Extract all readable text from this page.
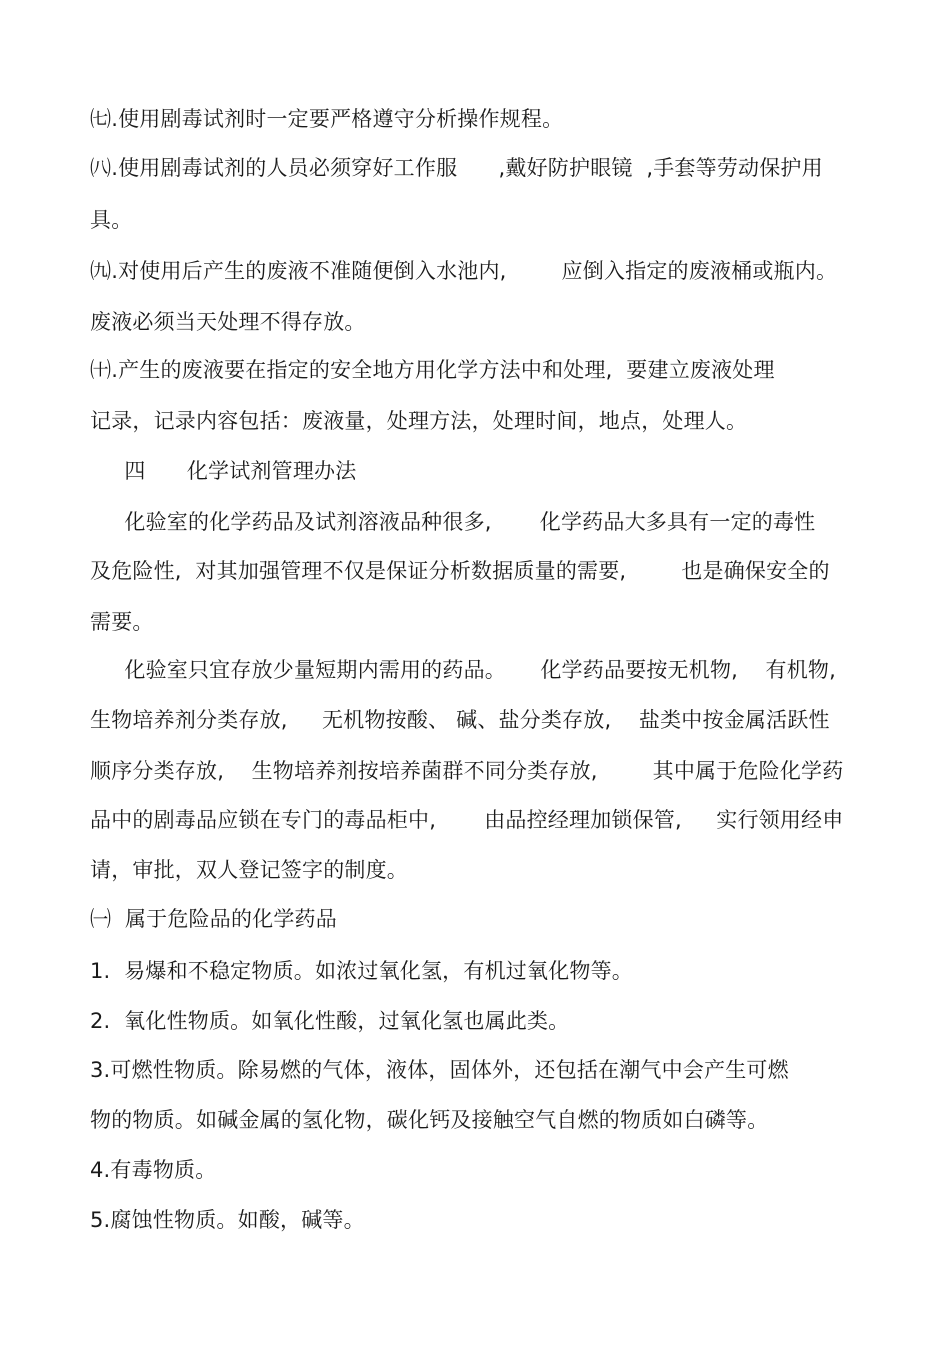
㈦.使用剧毒试剂时一定要严格遵守分析操作规程。
㈧.使用剧毒试剂的人员必须穿好工作服      ,戴好防护眼镜  ,手套等劳动保护用
具。
㈨.对使用后产生的废液不准随便倒入水池内,        应倒入指定的废液桶或瓶内。
废液必须当天处理不得存放。
㈩.产生的废液要在指定的安全地方用化学方法中和处理,  要建立废液处理
记录，记录内容包括：废液量，处理方法，处理时间，地点，处理人。
四      化学试剂管理办法
化验室的化学药品及试剂溶液品种很多,       化学药品大多具有一定的毒性
及危险性,  对其加强管理不仅是保证分析数据质量的需要,        也是确保安全的
需要。
化验室只宜存放少量短期内需用的药品。     化学药品要按无机物,    有机物,
生物培养剂分类存放,     无机物按酸、 碱、盐分类存放,    盐类中按金属活跃性
顺序分类存放,    生物培养剂按培养菌群不同分类存放,        其中属于危险化学药
品中的剧毒品应锁在专门的毒品柜中,       由品控经理加锁保管,     实行领用经申
请，审批，双人登记签字的制度。
㈠  属于危险品的化学药品
1.  易爆和不稳定物质。如浓过氧化氢，有机过氧化物等。
2.  氧化性物质。如氧化性酸，过氧化氢也属此类。
3.可燃性物质。除易燃的气体，液体，固体外，还包括在潮气中会产生可燃
物的物质。如碱金属的氢化物，碳化钙及接触空气自燃的物质如白磷等。
4.有毒物质。
5.腐蚀性物质。如酸，碱等。
